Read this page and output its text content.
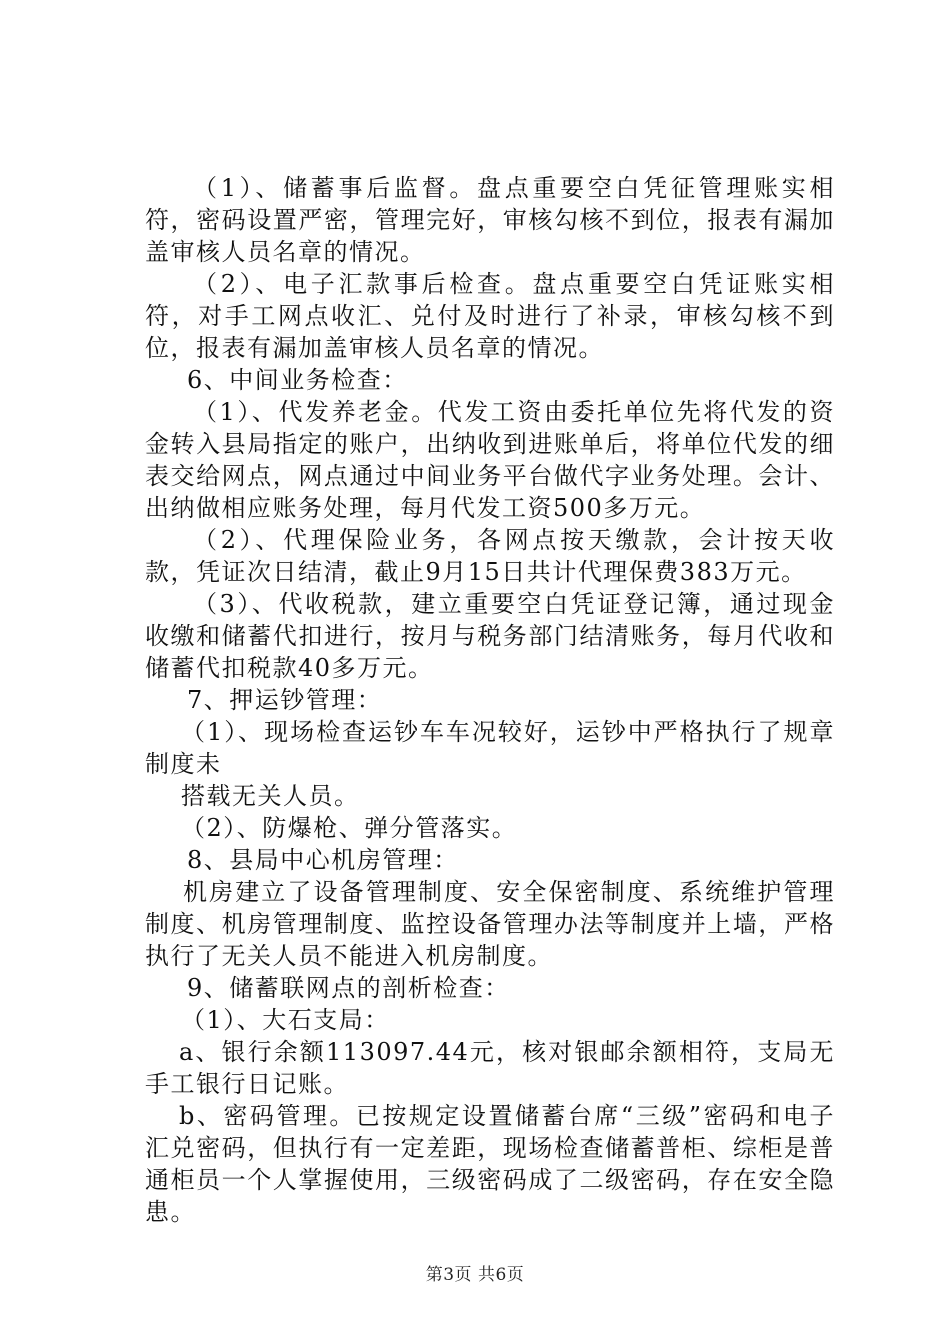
（1）、储蓄事后监督。盘点重要空白凭征管理账实相符，密码设置严密，管理完好，审核勾核不到位，报表有漏加盖审核人员名章的情况。

（2）、电子汇款事后检查。盘点重要空白凭证账实相符，对手工网点收汇、兑付及时进行了补录，审核勾核不到位，报表有漏加盖审核人员名章的情况。

6、中间业务检查：

（1）、代发养老金。代发工资由委托单位先将代发的资金转入县局指定的账户，出纳收到进账单后，将单位代发的细表交给网点，网点通过中间业务平台做代字业务处理。会计、出纳做相应账务处理，每月代发工资500多万元。

（2）、代理保险业务，各网点按天缴款，会计按天收款，凭证次日结清，截止9月15日共计代理保费383万元。

（3）、代收税款，建立重要空白凭证登记簿，通过现金收缴和储蓄代扣进行，按月与税务部门结清账务，每月代收和储蓄代扣税款40多万元。

7、押运钞管理：

（1）、现场检查运钞车车况较好，运钞中严格执行了规章制度未

搭载无关人员。

（2）、防爆枪、弹分管落实。

8、县局中心机房管理：

机房建立了设备管理制度、安全保密制度、系统维护管理制度、机房管理制度、监控设备管理办法等制度并上墙，严格执行了无关人员不能进入机房制度。

9、储蓄联网点的剖析检查：

（1）、大石支局：

a、银行余额113097.44元，核对银邮余额相符，支局无手工银行日记账。

b、密码管理。已按规定设置储蓄台席“三级”密码和电子汇兑密码，但执行有一定差距，现场检查储蓄普柜、综柜是普通柜员一个人掌握使用，三级密码成了二级密码，存在安全隐患。

第3页 共6页
